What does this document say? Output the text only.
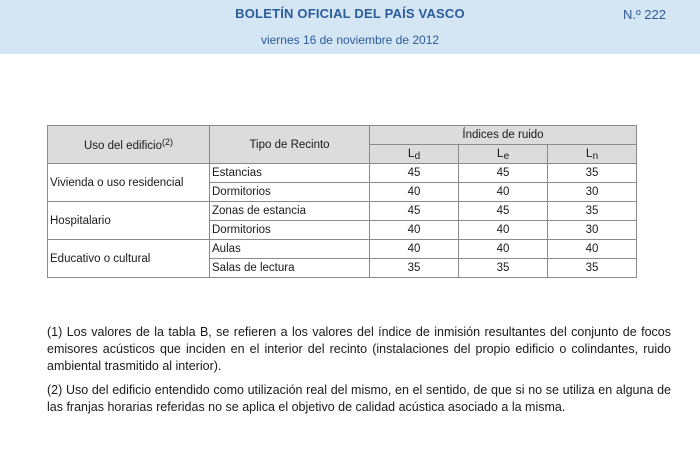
BOLETÍN OFICIAL DEL PAÍS VASCO	N.º 222
viernes 16 de noviembre de 2012
Uso del edificio$^{(2)}$	Tipo de Recinto	Índices de ruido		
		$L_d$	$L_e$	$L_n$
Vivienda o uso residencial	Estancias	45	45	35
	Dormitorios	40	40	30
Hospitalario	Zonas de estancia	45	45	35
	Dormitorios	40	40	30
Educativo o cultural	Aulas	40	40	40
	Salas de lectura	35	35	35

(1) Los valores de la tabla B, se refieren a los valores del índice de inmisión resultantes del conjunto de focos emisores acústicos que inciden en el interior del recinto (instalaciones del propio edificio o colindantes, ruido ambiental trasmitido al interior).

(2) Uso del edificio entendido como utilización real del mismo, en el sentido, de que si no se utiliza en alguna de las franjas horarias referidas no se aplica el objetivo de calidad acústica asociado a la misma.
